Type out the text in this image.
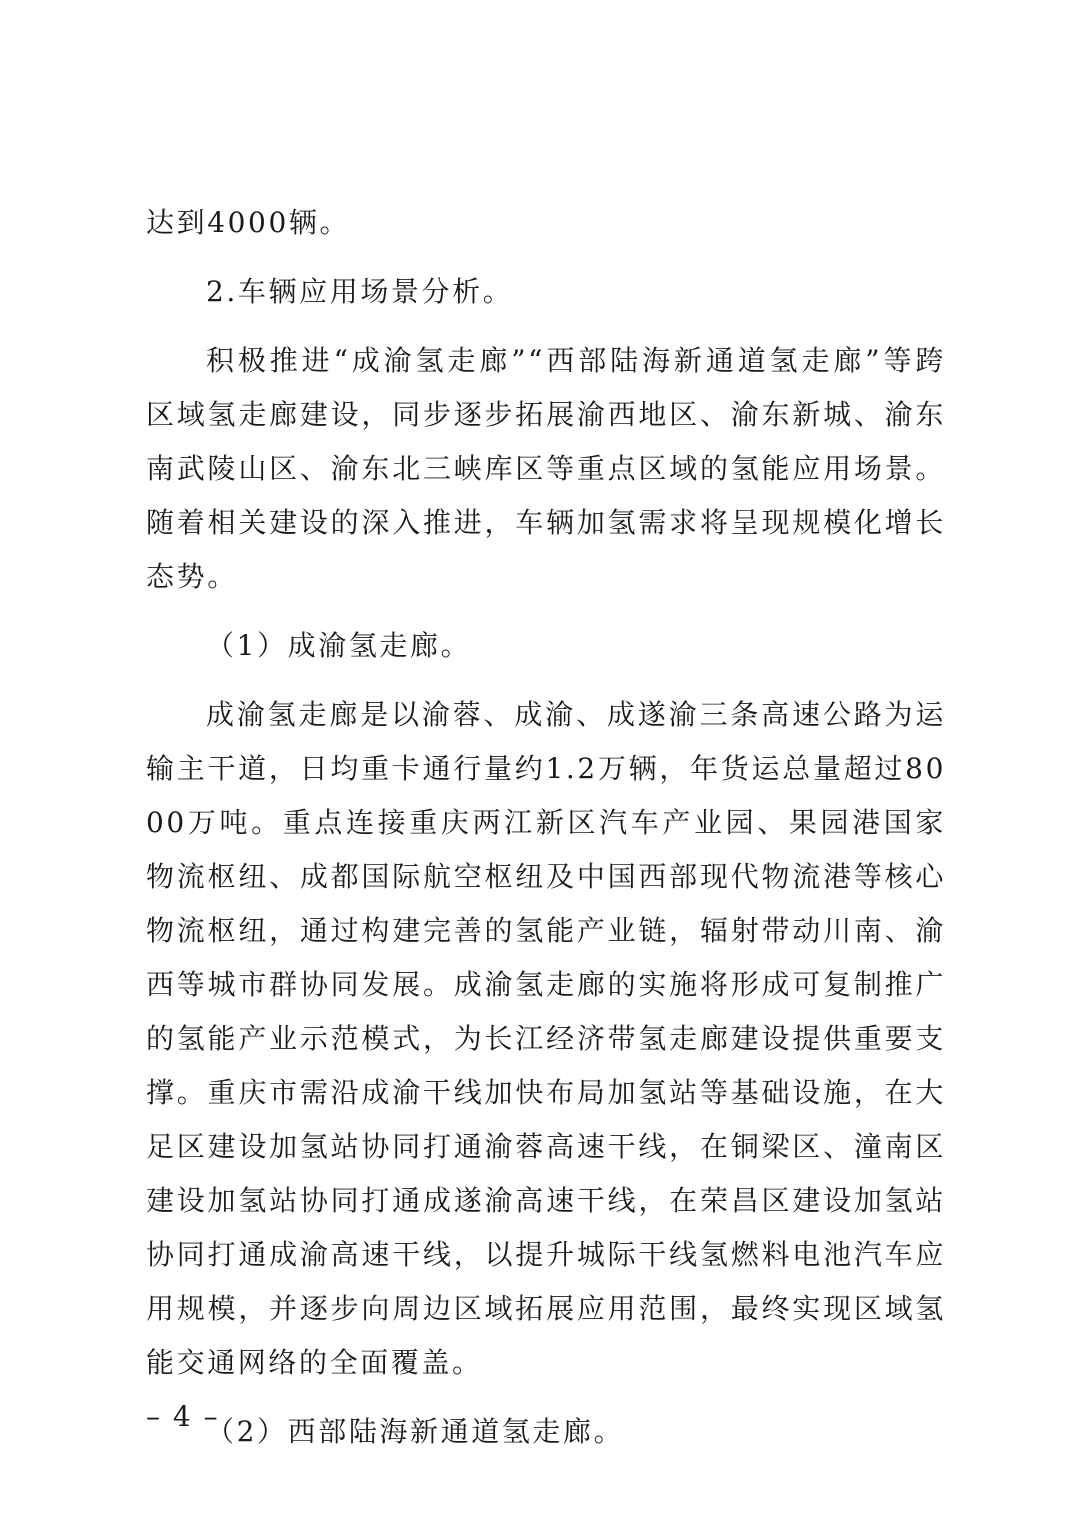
达到4000辆。

2.车辆应用场景分析。

积极推进“成渝氢走廊”“西部陆海新通道氢走廊”等跨区域氢走廊建设，同步逐步拓展渝西地区、渝东新城、渝东南武陵山区、渝东北三峡库区等重点区域的氢能应用场景。随着相关建设的深入推进，车辆加氢需求将呈现规模化增长态势。

（1）成渝氢走廊。

成渝氢走廊是以渝蓉、成渝、成遂渝三条高速公路为运输主干道，日均重卡通行量约1.2万辆，年货运总量超过8000万吨。重点连接重庆两江新区汽车产业园、果园港国家物流枢纽、成都国际航空枢纽及中国西部现代物流港等核心物流枢纽，通过构建完善的氢能产业链，辐射带动川南、渝西等城市群协同发展。成渝氢走廊的实施将形成可复制推广的氢能产业示范模式，为长江经济带氢走廊建设提供重要支撑。重庆市需沿成渝干线加快布局加氢站等基础设施，在大足区建设加氢站协同打通渝蓉高速干线，在铜梁区、潼南区建设加氢站协同打通成遂渝高速干线，在荣昌区建设加氢站协同打通成渝高速干线，以提升城际干线氢燃料电池汽车应用规模，并逐步向周边区域拓展应用范围，最终实现区域氢能交通网络的全面覆盖。

（2）西部陆海新通道氢走廊。

– 4 –
